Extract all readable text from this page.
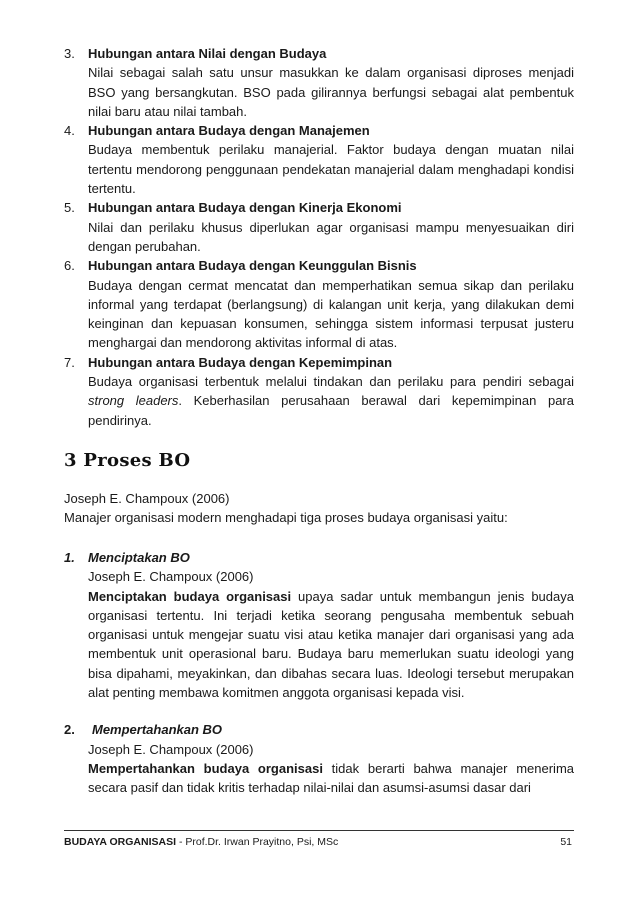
3. Hubungan antara Nilai dengan Budaya
Nilai sebagai salah satu unsur masukkan ke dalam organisasi diproses menjadi BSO yang bersangkutan. BSO pada gilirannya berfungsi sebagai alat pembentuk nilai baru atau nilai tambah.
4. Hubungan antara Budaya dengan Manajemen
Budaya membentuk perilaku manajerial. Faktor budaya dengan muatan nilai tertentu mendorong penggunaan pendekatan manajerial dalam menghadapi kondisi tertentu.
5. Hubungan antara Budaya dengan Kinerja Ekonomi
Nilai dan perilaku khusus diperlukan agar organisasi mampu menyesuaikan diri dengan perubahan.
6. Hubungan antara Budaya dengan Keunggulan Bisnis
Budaya dengan cermat mencatat dan memperhatikan semua sikap dan perilaku informal yang terdapat (berlangsung) di kalangan unit kerja, yang dilakukan demi keinginan dan kepuasan konsumen, sehingga sistem informasi terpusat justeru menghargai dan mendorong aktivitas informal di atas.
7. Hubungan antara Budaya dengan Kepemimpinan
Budaya organisasi terbentuk melalui tindakan dan perilaku para pendiri sebagai strong leaders. Keberhasilan perusahaan berawal dari kepemimpinan para pendirinya.
3 Proses BO
Joseph E. Champoux (2006)
Manajer organisasi modern menghadapi tiga proses budaya organisasi yaitu:
1. Menciptakan BO
Joseph E. Champoux (2006)
Menciptakan budaya organisasi upaya sadar untuk membangun jenis budaya organisasi tertentu. Ini terjadi ketika seorang pengusaha membentuk sebuah organisasi untuk mengejar suatu visi atau ketika manajer dari organisasi yang ada membentuk unit operasional baru. Budaya baru memerlukan suatu ideologi yang bisa dipahami, meyakinkan, dan dibahas secara luas. Ideologi tersebut merupakan alat penting membawa komitmen anggota organisasi kepada visi.
2.	Mempertahankan BO
Joseph E. Champoux (2006)
Mempertahankan budaya organisasi tidak berarti bahwa manajer menerima secara pasif dan tidak kritis terhadap nilai-nilai dan asumsi-asumsi dasar dari
BUDAYA ORGANISASI - Prof.Dr. Irwan Prayitno, Psi, MSc	51
